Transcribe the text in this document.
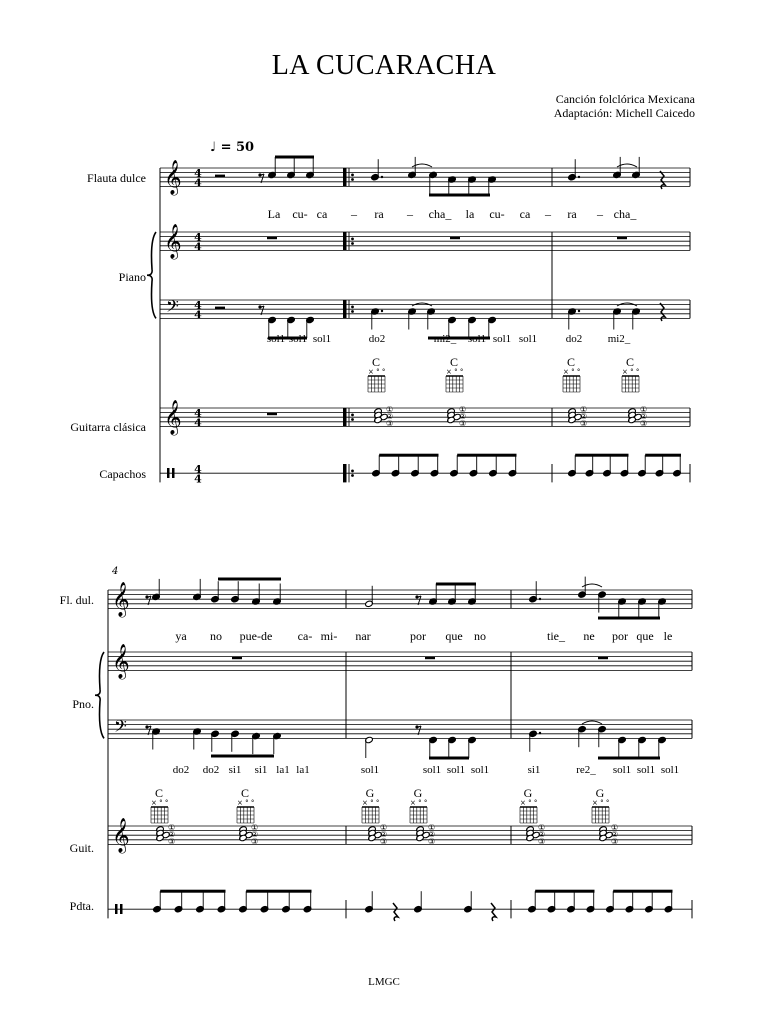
LA CUCARACHA
Canción folclórica Mexicana
Adaptación: Michell Caicedo
♩ = 50
Flauta dulce
Piano
Guitarra clásica
Capachos
𝄞
𝄞
𝄞
𝄢
4
4
4
4
4
4
4
4
4
4
La cu- ca – ra – cha_ la cu- ca – ra – cha_
sol1 sol1 sol1	do2	mi2_ sol1 sol1 sol1	do2 mi2_
C
× ° °
C
× ° °
C
× ° °
C
× ° °
①
②
③
①
②
③
①
②
③
①
②
③
4
Fl. dul.
Pno.
Guit.
Pdta.
𝄞
𝄞
𝄞
𝄢
ya no pue-de ca- mi- nar	por que no	tie_ ne por que le
do2 do2 si1 si1 la1 la1	sol1	sol1 sol1 sol1	si1	re2_ sol1 sol1 sol1
C
× ° °
C
× ° °
G
× ° °
G
× ° °
G
× ° °
G
× ° °
①
②
③
①
②
③
①
②
③
①
②
③
①
②
③
①
②
③
LMGC
